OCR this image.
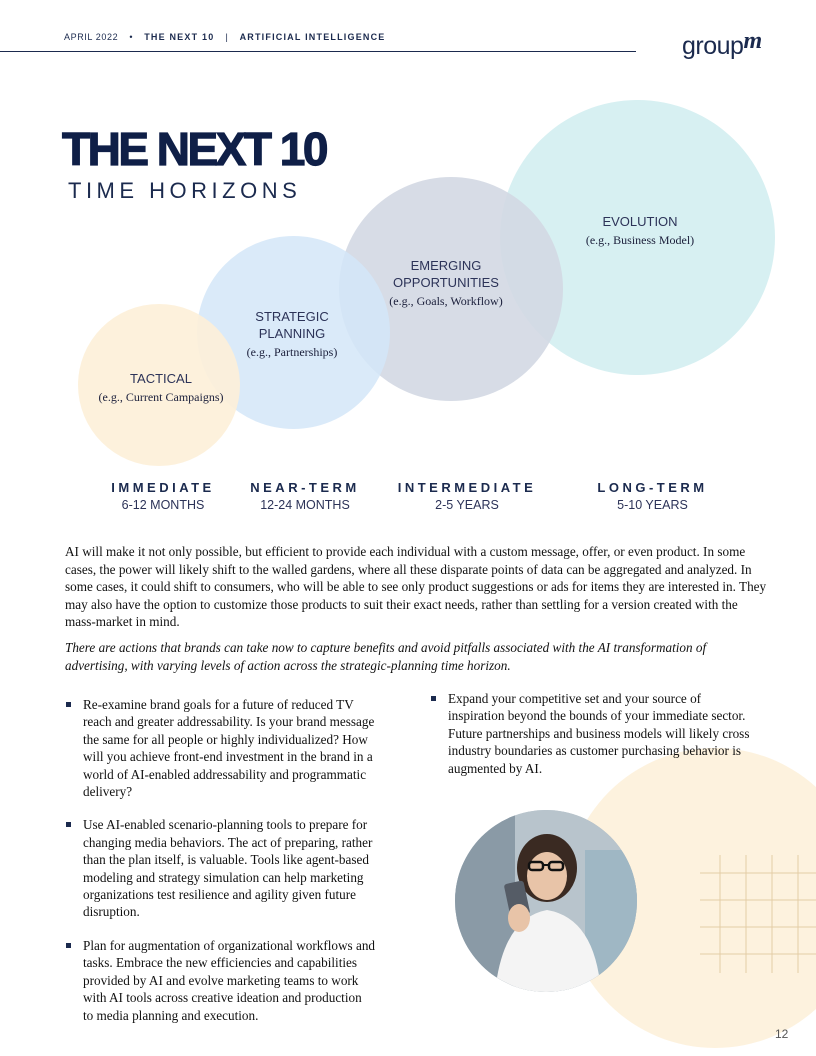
APRIL 2022 • THE NEXT 10 | ARTIFICIAL INTELLIGENCE	groupm
THE NEXT 10
TIME HORIZONS
TACTICAL
(e.g., Current Campaigns)
STRATEGIC
PLANNING
(e.g., Partnerships)
EMERGING
OPPORTUNITIES
(e.g., Goals, Workflow)
EVOLUTION
(e.g., Business Model)
IMMEDIATE
6-12 MONTHS
NEAR-TERM
12-24 MONTHS
INTERMEDIATE
2-5 YEARS
LONG-TERM
5-10 YEARS

AI will make it not only possible, but efficient to provide each individual with a custom message, offer, or even product. In some cases, the power will likely shift to the walled gardens, where all these disparate points of data can be aggregated and analyzed. In some cases, it could shift to consumers, who will be able to see only product suggestions or ads for items they are interested in. They may also have the option to customize those products to suit their exact needs, rather than settling for a version created with the mass-market in mind.

There are actions that brands can take now to capture benefits and avoid pitfalls associated with the AI transformation of advertising, with varying levels of action across the strategic-planning time horizon.

Re-examine brand goals for a future of reduced TV reach and greater addressability. Is your brand message the same for all people or highly individualized? How will you achieve front-end investment in the brand in a world of AI-enabled addressability and programmatic delivery?
Use AI-enabled scenario-planning tools to prepare for changing media behaviors. The act of preparing, rather than the plan itself, is valuable. Tools like agent-based modeling and strategy simulation can help marketing organizations test resilience and agility given future disruption.
Plan for augmentation of organizational workflows and tasks. Embrace the new efficiencies and capabilities provided by AI and evolve marketing teams to work with AI tools across creative ideation and production to media planning and execution.
Expand your competitive set and your source of inspiration beyond the bounds of your immediate sector. Future partnerships and business models will likely cross industry boundaries as customer purchasing behavior is augmented by AI.
12
